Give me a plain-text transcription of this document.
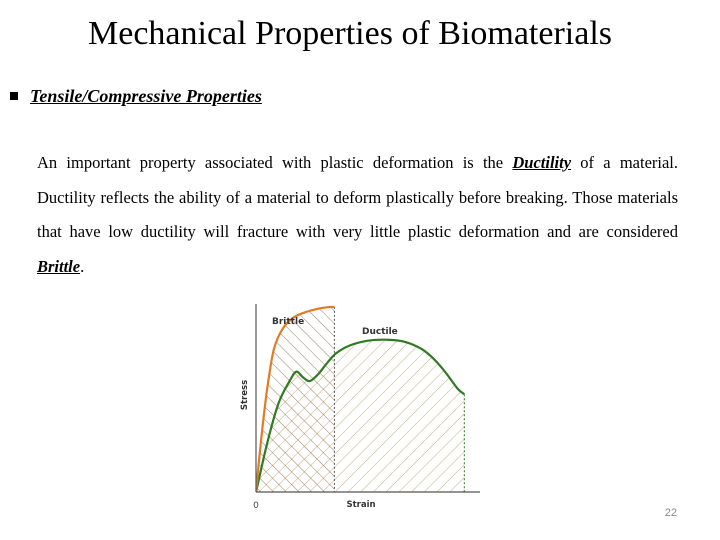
Mechanical Properties of Biomaterials
Tensile/Compressive Properties
An important property associated with plastic deformation is the Ductility of a material. Ductility reflects the ability of a material to deform plastically before breaking. Those materials that have low ductility will fracture with very little plastic deformation and are considered Brittle.
Brittle
Ductile
Stress
Strain
0
22
